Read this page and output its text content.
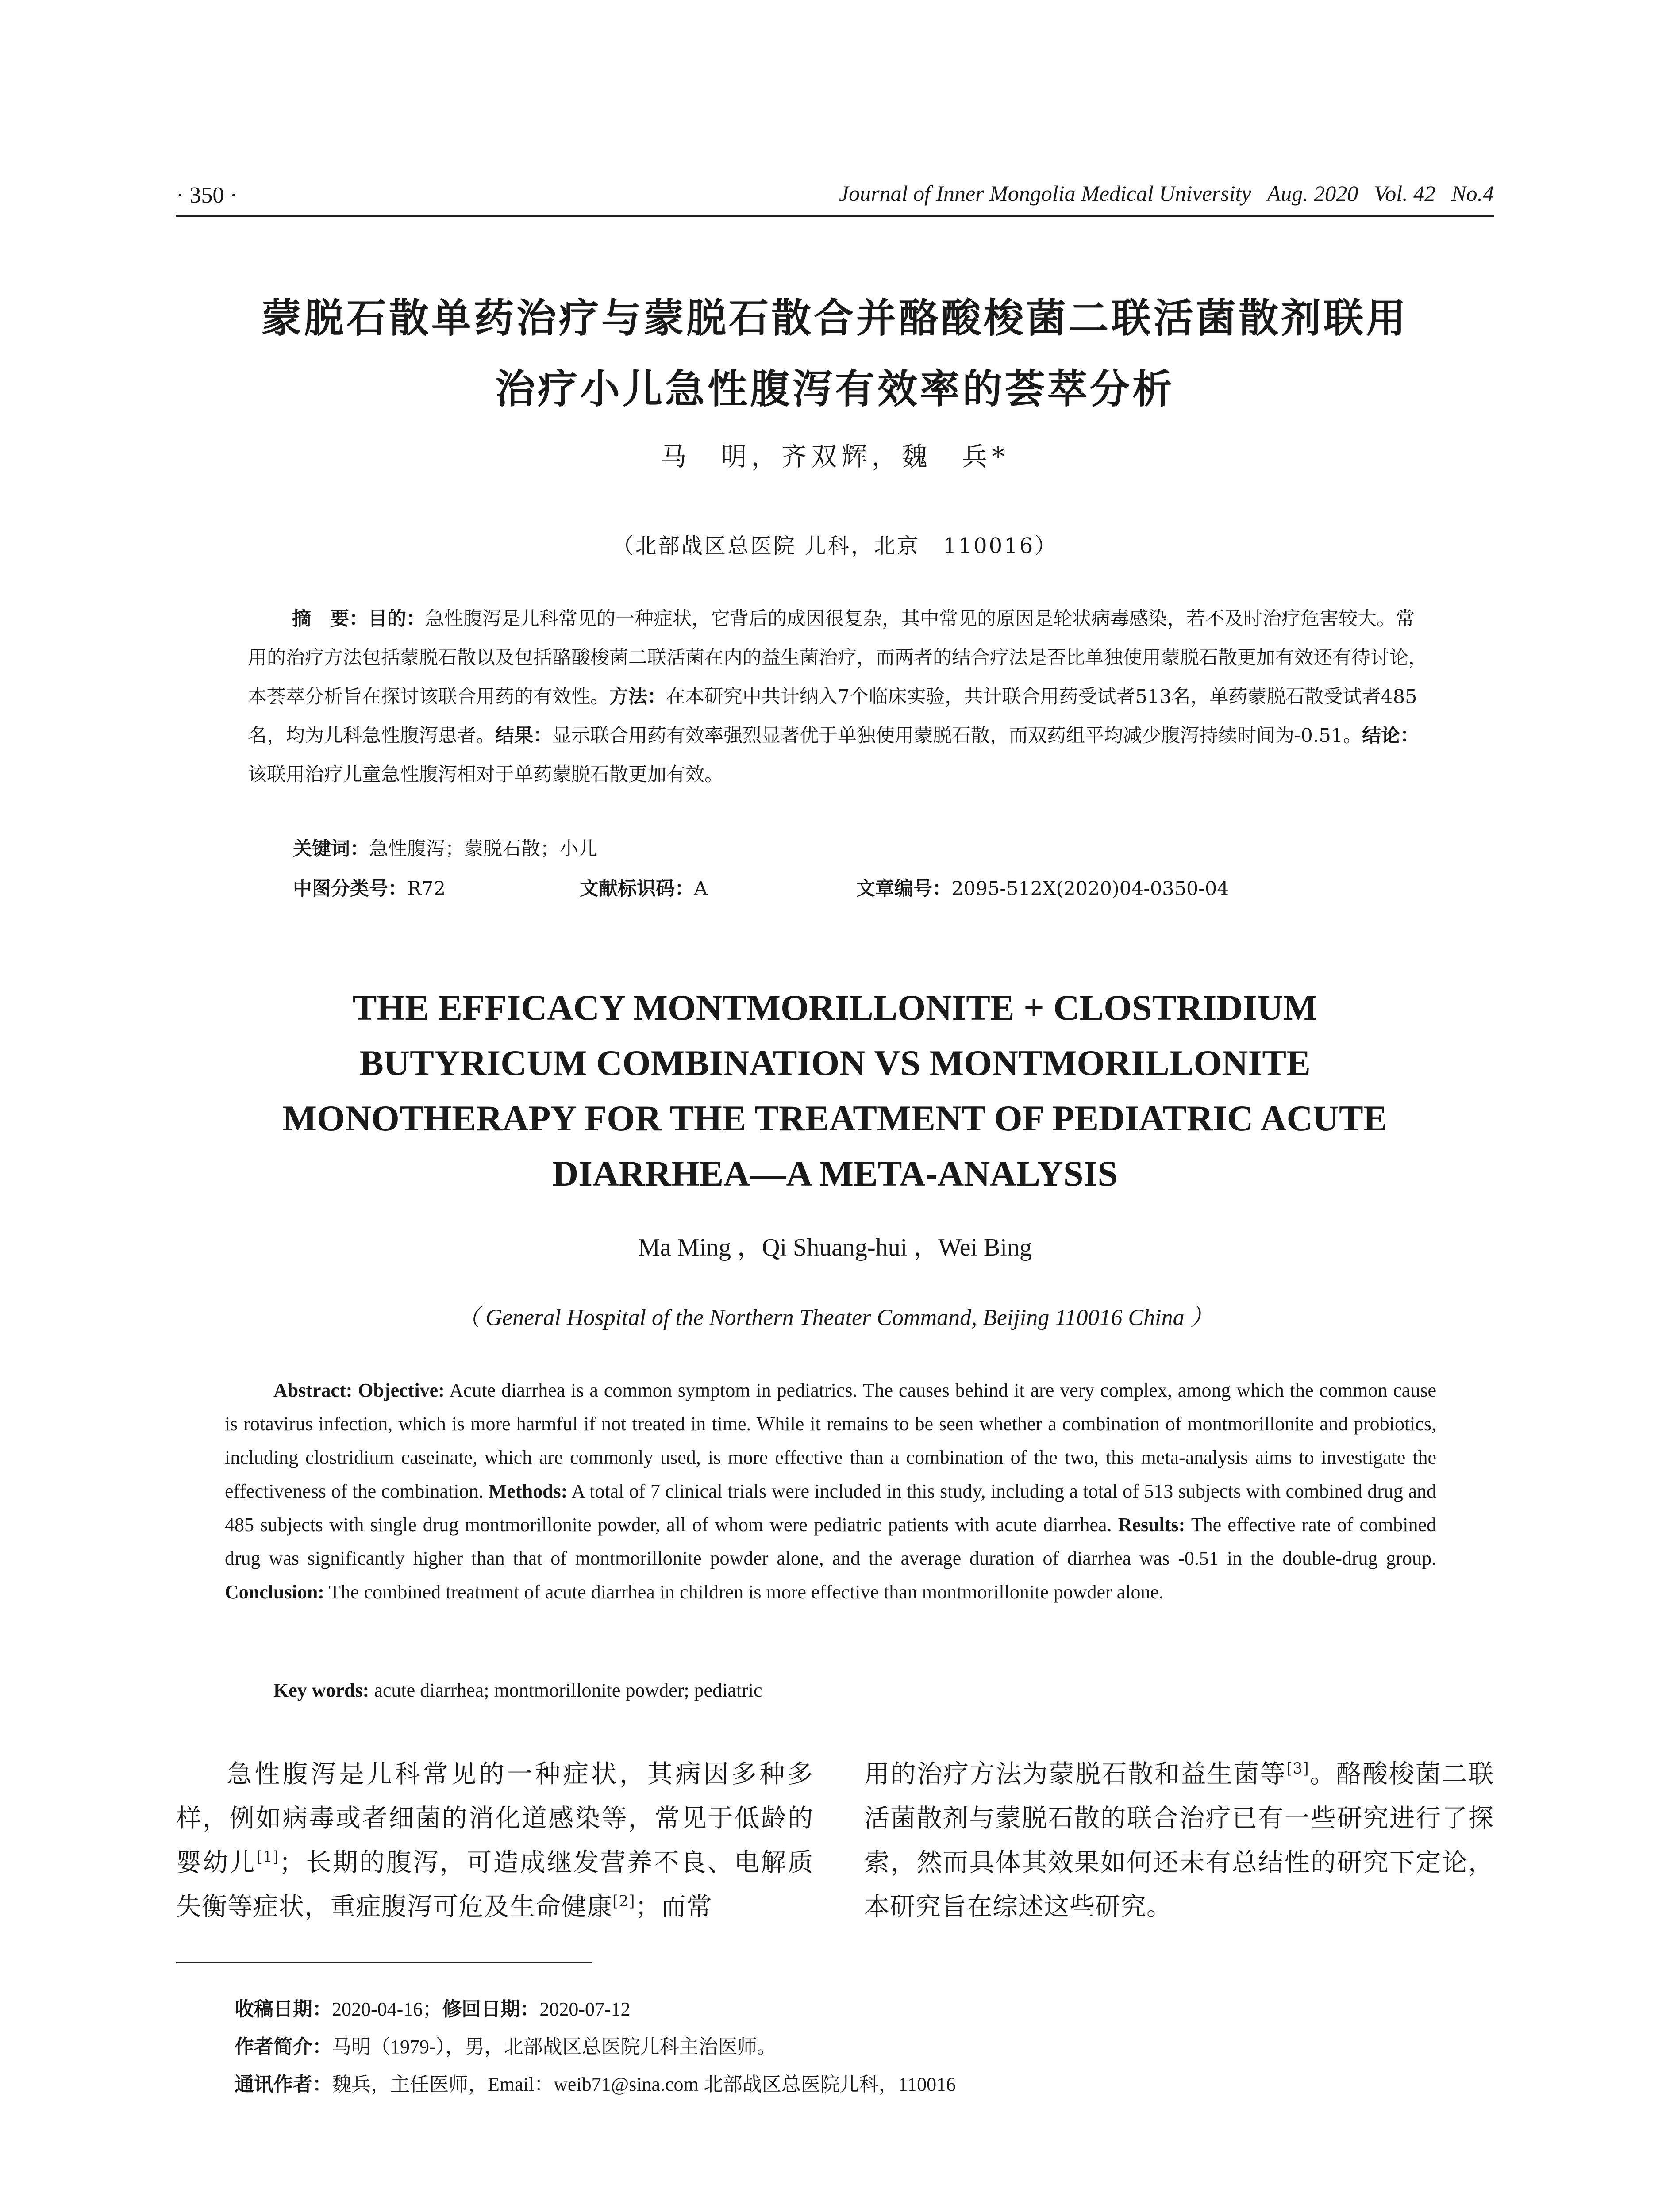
· 350 ·	Journal of Inner Mongolia Medical University Aug. 2020 Vol. 42 No.4
蒙脱石散单药治疗与蒙脱石散合并酪酸梭菌二联活菌散剂联用
治疗小儿急性腹泻有效率的荟萃分析
马　明，齐双辉，魏　兵*
（北部战区总医院 儿科，北京　110016）

摘　要：目的：急性腹泻是儿科常见的一种症状，它背后的成因很复杂，其中常见的原因是轮状病毒感染，若不及时治疗危害较大。常用的治疗方法包括蒙脱石散以及包括酪酸梭菌二联活菌在内的益生菌治疗，而两者的结合疗法是否比单独使用蒙脱石散更加有效还有待讨论，本荟萃分析旨在探讨该联合用药的有效性。方法：在本研究中共计纳入7个临床实验，共计联合用药受试者513名，单药蒙脱石散受试者485名，均为儿科急性腹泻患者。结果：显示联合用药有效率强烈显著优于单独使用蒙脱石散，而双药组平均减少腹泻持续时间为-0.51。结论：该联用治疗儿童急性腹泻相对于单药蒙脱石散更加有效。

关键词：急性腹泻；蒙脱石散；小儿
中图分类号：R72	文献标识码：A	文章编号：2095-512X(2020)04-0350-04
THE EFFICACY MONTMORILLONITE + CLOSTRIDIUM
BUTYRICUM COMBINATION VS MONTMORILLONITE
MONOTHERAPY FOR THE TREATMENT OF PEDIATRIC ACUTE
DIARRHEA—A META-ANALYSIS
Ma Ming ，Qi Shuang-hui ，Wei Bing
（ General Hospital of the Northern Theater Command, Beijing 110016 China ）

Abstract: Objective: Acute diarrhea is a common symptom in pediatrics. The causes behind it are very complex, among which the common cause is rotavirus infection, which is more harmful if not treated in time. While it remains to be seen whether a combination of montmorillonite and probiotics, including clostridium caseinate, which are commonly used, is more effective than a combination of the two, this meta-analysis aims to investigate the effectiveness of the combination. Methods: A total of 7 clinical trials were included in this study, including a total of 513 subjects with combined drug and 485 subjects with single drug montmorillonite powder, all of whom were pediatric patients with acute diarrhea. Results: The effective rate of combined drug was significantly higher than that of montmorillonite powder alone, and the average duration of diarrhea was -0.51 in the double-drug group. Conclusion: The combined treatment of acute diarrhea in children is more effective than montmorillonite powder alone.

Key words: acute diarrhea; montmorillonite powder; pediatric

急性腹泻是儿科常见的一种症状，其病因多种多样，例如病毒或者细菌的消化道感染等，常见于低龄的婴幼儿[1]；长期的腹泻，可造成继发营养不良、电解质失衡等症状，重症腹泻可危及生命健康[2]；而常

用的治疗方法为蒙脱石散和益生菌等[3]。酪酸梭菌二联活菌散剂与蒙脱石散的联合治疗已有一些研究进行了探索，然而具体其效果如何还未有总结性的研究下定论，本研究旨在综述这些研究。

收稿日期：2020-04-16；修回日期：2020-07-12
作者简介：马明（1979-），男，北部战区总医院儿科主治医师。
通讯作者：魏兵，主任医师，Email：weib71@sina.com 北部战区总医院儿科，110016
